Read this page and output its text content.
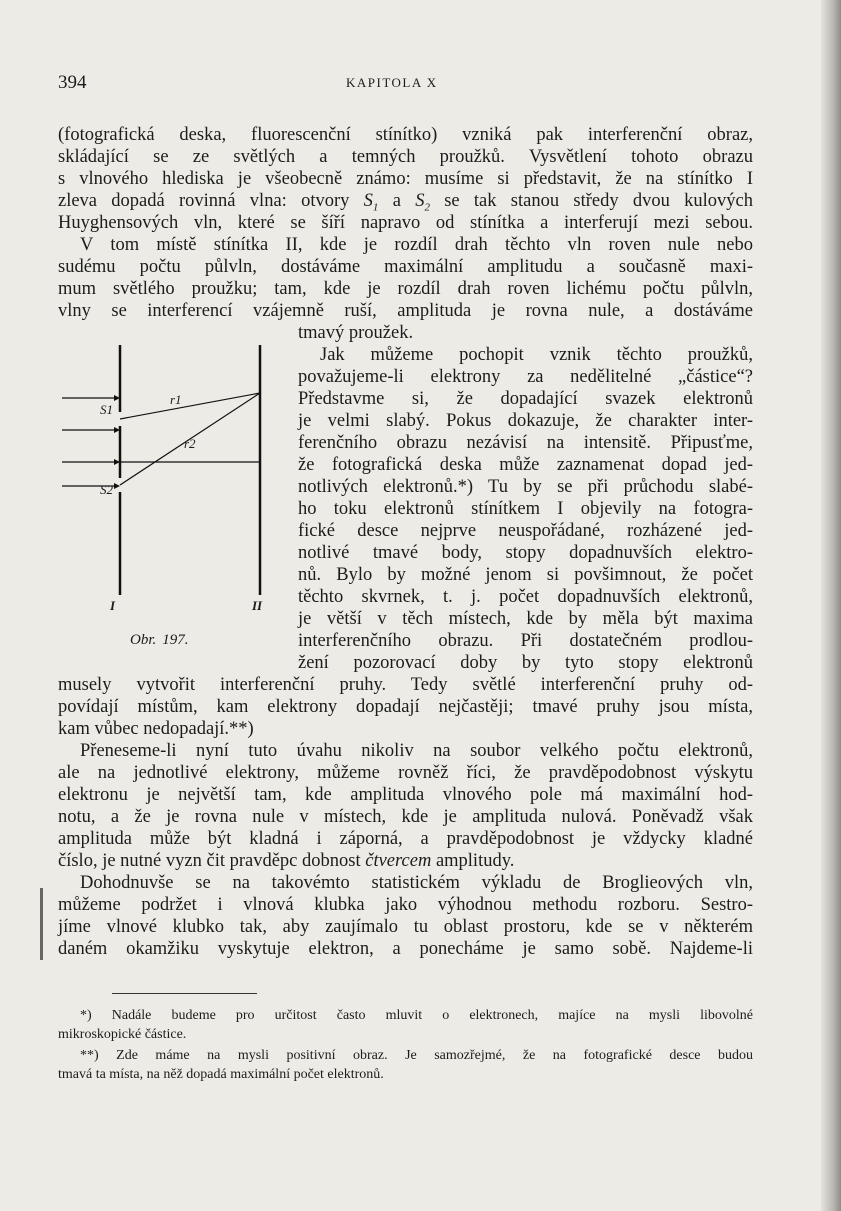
394	KAPITOLA X
(fotografická deska, fluorescenční stínítko) vzniká pak interferenční obraz,
skládající se ze světlých a temných proužků. Vysvětlení tohoto obrazu
s vlnového hlediska je všeobecně známo: musíme si představit, že na stínítko I
zleva dopadá rovinná vlna: otvory $S_1$ a $S_2$ se tak stanou středy dvou kulových
Huyghensových vln, které se šíří napravo od stínítka a interferují mezi sebou.
V tom místě stínítka II, kde je rozdíl drah těchto vln roven nule nebo
sudému počtu půlvln, dostáváme maximální amplitudu a současně maxi-
mum světlého proužku; tam, kde je rozdíl drah roven lichému počtu půlvln,
vlny se interferencí vzájemně ruší, amplituda je rovna nule, a dostáváme
tmavý proužek.
Jak můžeme pochopit vznik těchto proužků,
považujeme-li elektrony za nedělitelné „částice“?
Představme si, že dopadající svazek elektronů
je velmi slabý. Pokus dokazuje, že charakter inter-
ferenčního obrazu nezávisí na intensitě. Připusťme,
že fotografická deska může zaznamenat dopad jed-
notlivých elektronů.*) Tu by se při průchodu slabé-
ho toku elektronů stínítkem I objevily na fotogra-
fické desce nejprve neuspořádané, rozházené jed-
notlivé tmavé body, stopy dopadnuvších elektro-
nů. Bylo by možné jenom si povšimnout, že počet
těchto skvrnek, t. j. počet dopadnuvších elektronů,
je větší v těch místech, kde by měla být maxima
interferenčního obrazu. Při dostatečném prodlou-
žení pozorovací doby by tyto stopy elektronů
musely vytvořit interferenční pruhy. Tedy světlé interferenční pruhy od-
povídají místům, kam elektrony dopadají nejčastěji; tmavé pruhy jsou místa,
kam vůbec nedopadají.**)
Přeneseme-li nyní tuto úvahu nikoliv na soubor velkého počtu elektronů,
ale na jednotlivé elektrony, můžeme rovněž říci, že pravděpodobnost výskytu
elektronu je největší tam, kde amplituda vlnového pole má maximální hod-
notu, a že je rovna nule v místech, kde je amplituda nulová. Poněvadž však
amplituda může být kladná i záporná, a pravděpodobnost je vždycky kladné
číslo, je nutné vyzn čit pravděpc dobnost čtvercem amplitudy.
Dohodnuvše se na takovémto statistickém výkladu de Broglieových vln,
můžeme podržet i vlnová klubka jako výhodnou methodu rozboru. Sestro-
jíme vlnové klubko tak, aby zaujímalo tu oblast prostoru, kde se v některém
daném okamžiku vyskytuje elektron, a ponecháme je samo sobě. Najdeme-li
S1
S2
r1
r2
I	II
Obr. 197.
*) Nadále budeme pro určitost často mluvit o elektronech, majíce na mysli libovolné
mikroskopické částice.
**) Zde máme na mysli positivní obraz. Je samozřejmé, že na fotografické desce budou
tmavá ta místa, na něž dopadá maximální počet elektronů.
